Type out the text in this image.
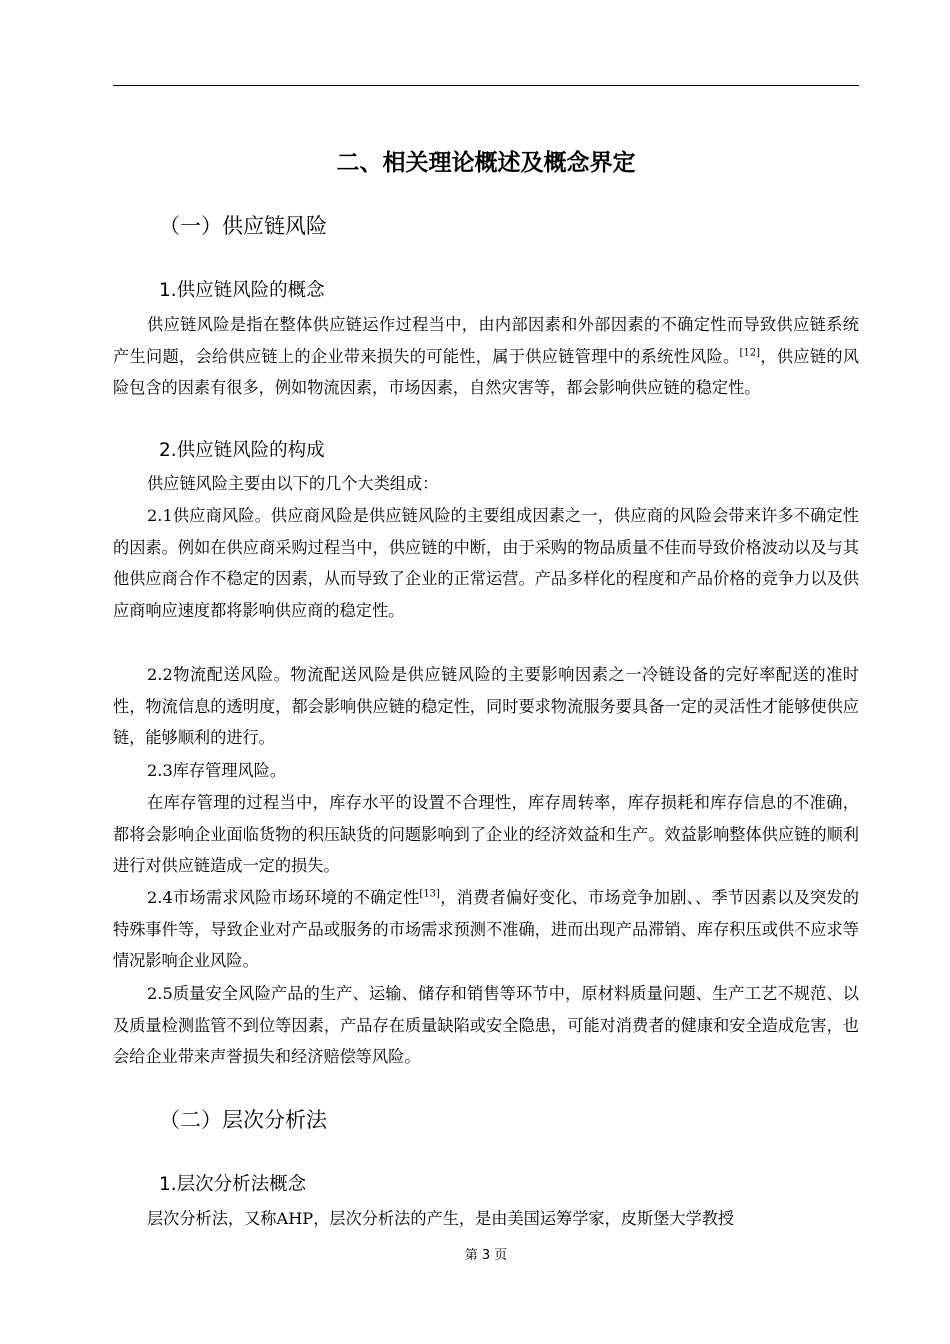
二、相关理论概述及概念界定
（一）供应链风险
1.供应链风险的概念

供应链风险是指在整体供应链运作过程当中，由内部因素和外部因素的不确定性而导致供应链系统产生问题，会给供应链上的企业带来损失的可能性，属于供应链管理中的系统性风险。[12]，供应链的风险包含的因素有很多，例如物流因素，市场因素，自然灾害等，都会影响供应链的稳定性。

2.供应链风险的构成

供应链风险主要由以下的几个大类组成：

2.1供应商风险。供应商风险是供应链风险的主要组成因素之一，供应商的风险会带来许多不确定性的因素。例如在供应商采购过程当中，供应链的中断，由于采购的物品质量不佳而导致价格波动以及与其他供应商合作不稳定的因素，从而导致了企业的正常运营。产品多样化的程度和产品价格的竞争力以及供应商响应速度都将影响供应商的稳定性。

2.2物流配送风险。物流配送风险是供应链风险的主要影响因素之一冷链设备的完好率配送的准时性，物流信息的透明度，都会影响供应链的稳定性，同时要求物流服务要具备一定的灵活性才能够使供应链，能够顺利的进行。

2.3库存管理风险。

在库存管理的过程当中，库存水平的设置不合理性，库存周转率，库存损耗和库存信息的不准确，都将会影响企业面临货物的积压缺货的问题影响到了企业的经济效益和生产。效益影响整体供应链的顺利进行对供应链造成一定的损失。

2.4市场需求风险市场环境的不确定性[13]，消费者偏好变化、市场竞争加剧、、季节因素以及突发的特殊事件等，导致企业对产品或服务的市场需求预测不准确，进而出现产品滞销、库存积压或供不应求等情况影响企业风险。

2.5质量安全风险产品的生产、运输、储存和销售等环节中，原材料质量问题、生产工艺不规范、以及质量检测监管不到位等因素，产品存在质量缺陷或安全隐患，可能对消费者的健康和安全造成危害，也会给企业带来声誉损失和经济赔偿等风险。

（二）层次分析法
1.层次分析法概念

层次分析法，又称AHP，层次分析法的产生，是由美国运筹学家，皮斯堡大学教授

第 3 页
